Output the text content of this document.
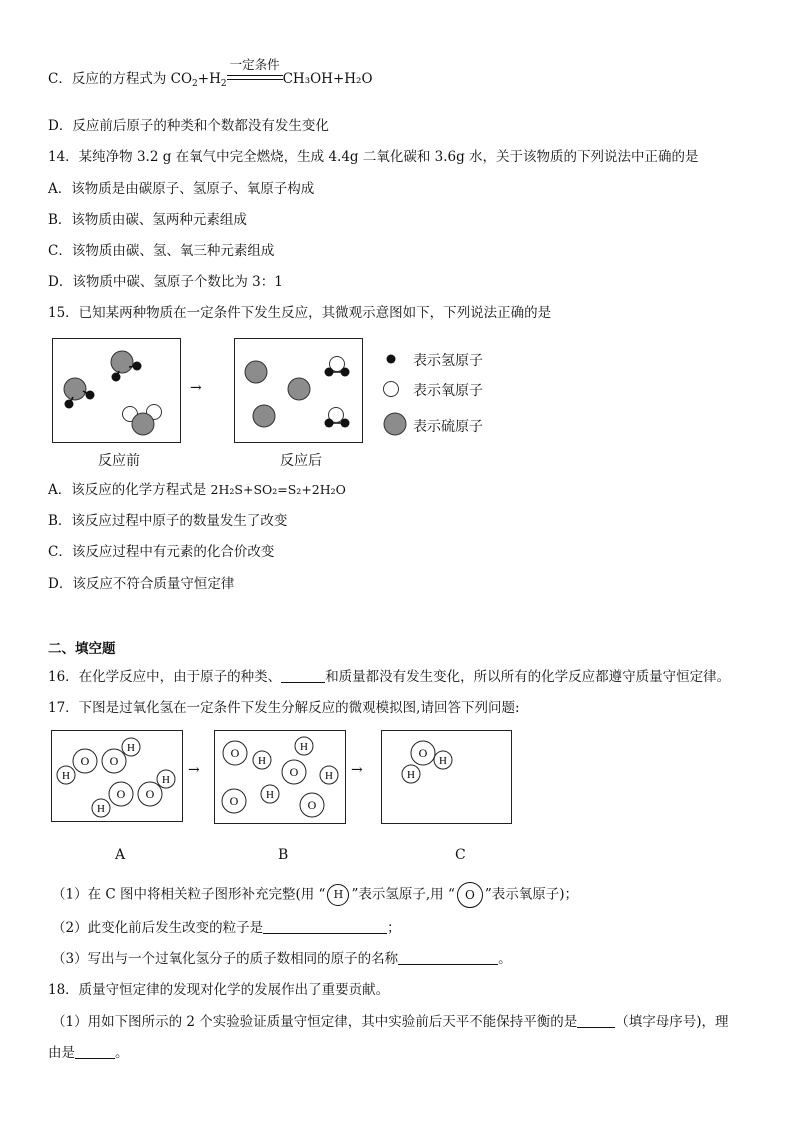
C．反应的方程式为 $CO_2+H_2$
一定条件
CH₃OH+H₂O
D．反应前后原子的种类和个数都没有发生变化
14．某纯净物 3.2 g 在氧气中完全燃烧，生成 4.4g 二氧化碳和 3.6g 水，关于该物质的下列说法中正确的是
A．该物质是由碳原子、氢原子、氧原子构成
B．该物质由碳、氢两种元素组成
C．该物质由碳、氢、氧三种元素组成
D．该物质中碳、氢原子个数比为 3：1
15．已知某两种物质在一定条件下发生反应，其微观示意图如下，下列说法正确的是
→
反应前	反应后
表示氢原子
表示氧原子
表示硫原子
A．该反应的化学方程式是 2H₂S+SO₂=S₂+2H₂O
B．该反应过程中原子的数量发生了改变
C．该反应过程中有元素的化合价改变
D．该反应不符合质量守恒定律
二、填空题
16．在化学反应中，由于原子的种类、	和质量都没有发生变化，所以所有的化学反应都遵守质量守恒定律。
17．下图是过氧化氢在一定条件下发生分解反应的微观模拟图,请回答下列问题:
O O
H
H
O O
H
H
→
O
H
H
O H
H
O	O
→
O
H
H
A	B	C
（1）在 C 图中将相关粒子图形补充完整(用 “ H ”表示氢原子,用 “ O ”表示氧原子)；
（2）此变化前后发生改变的粒子是	；
（3）写出与一个过氧化氢分子的质子数相同的原子的名称	。
18．质量守恒定律的发现对化学的发展作出了重要贡献。
（1）用如下图所示的 2 个实验验证质量守恒定律，其中实验前后天平不能保持平衡的是	（填字母序号)，理
由是	。
